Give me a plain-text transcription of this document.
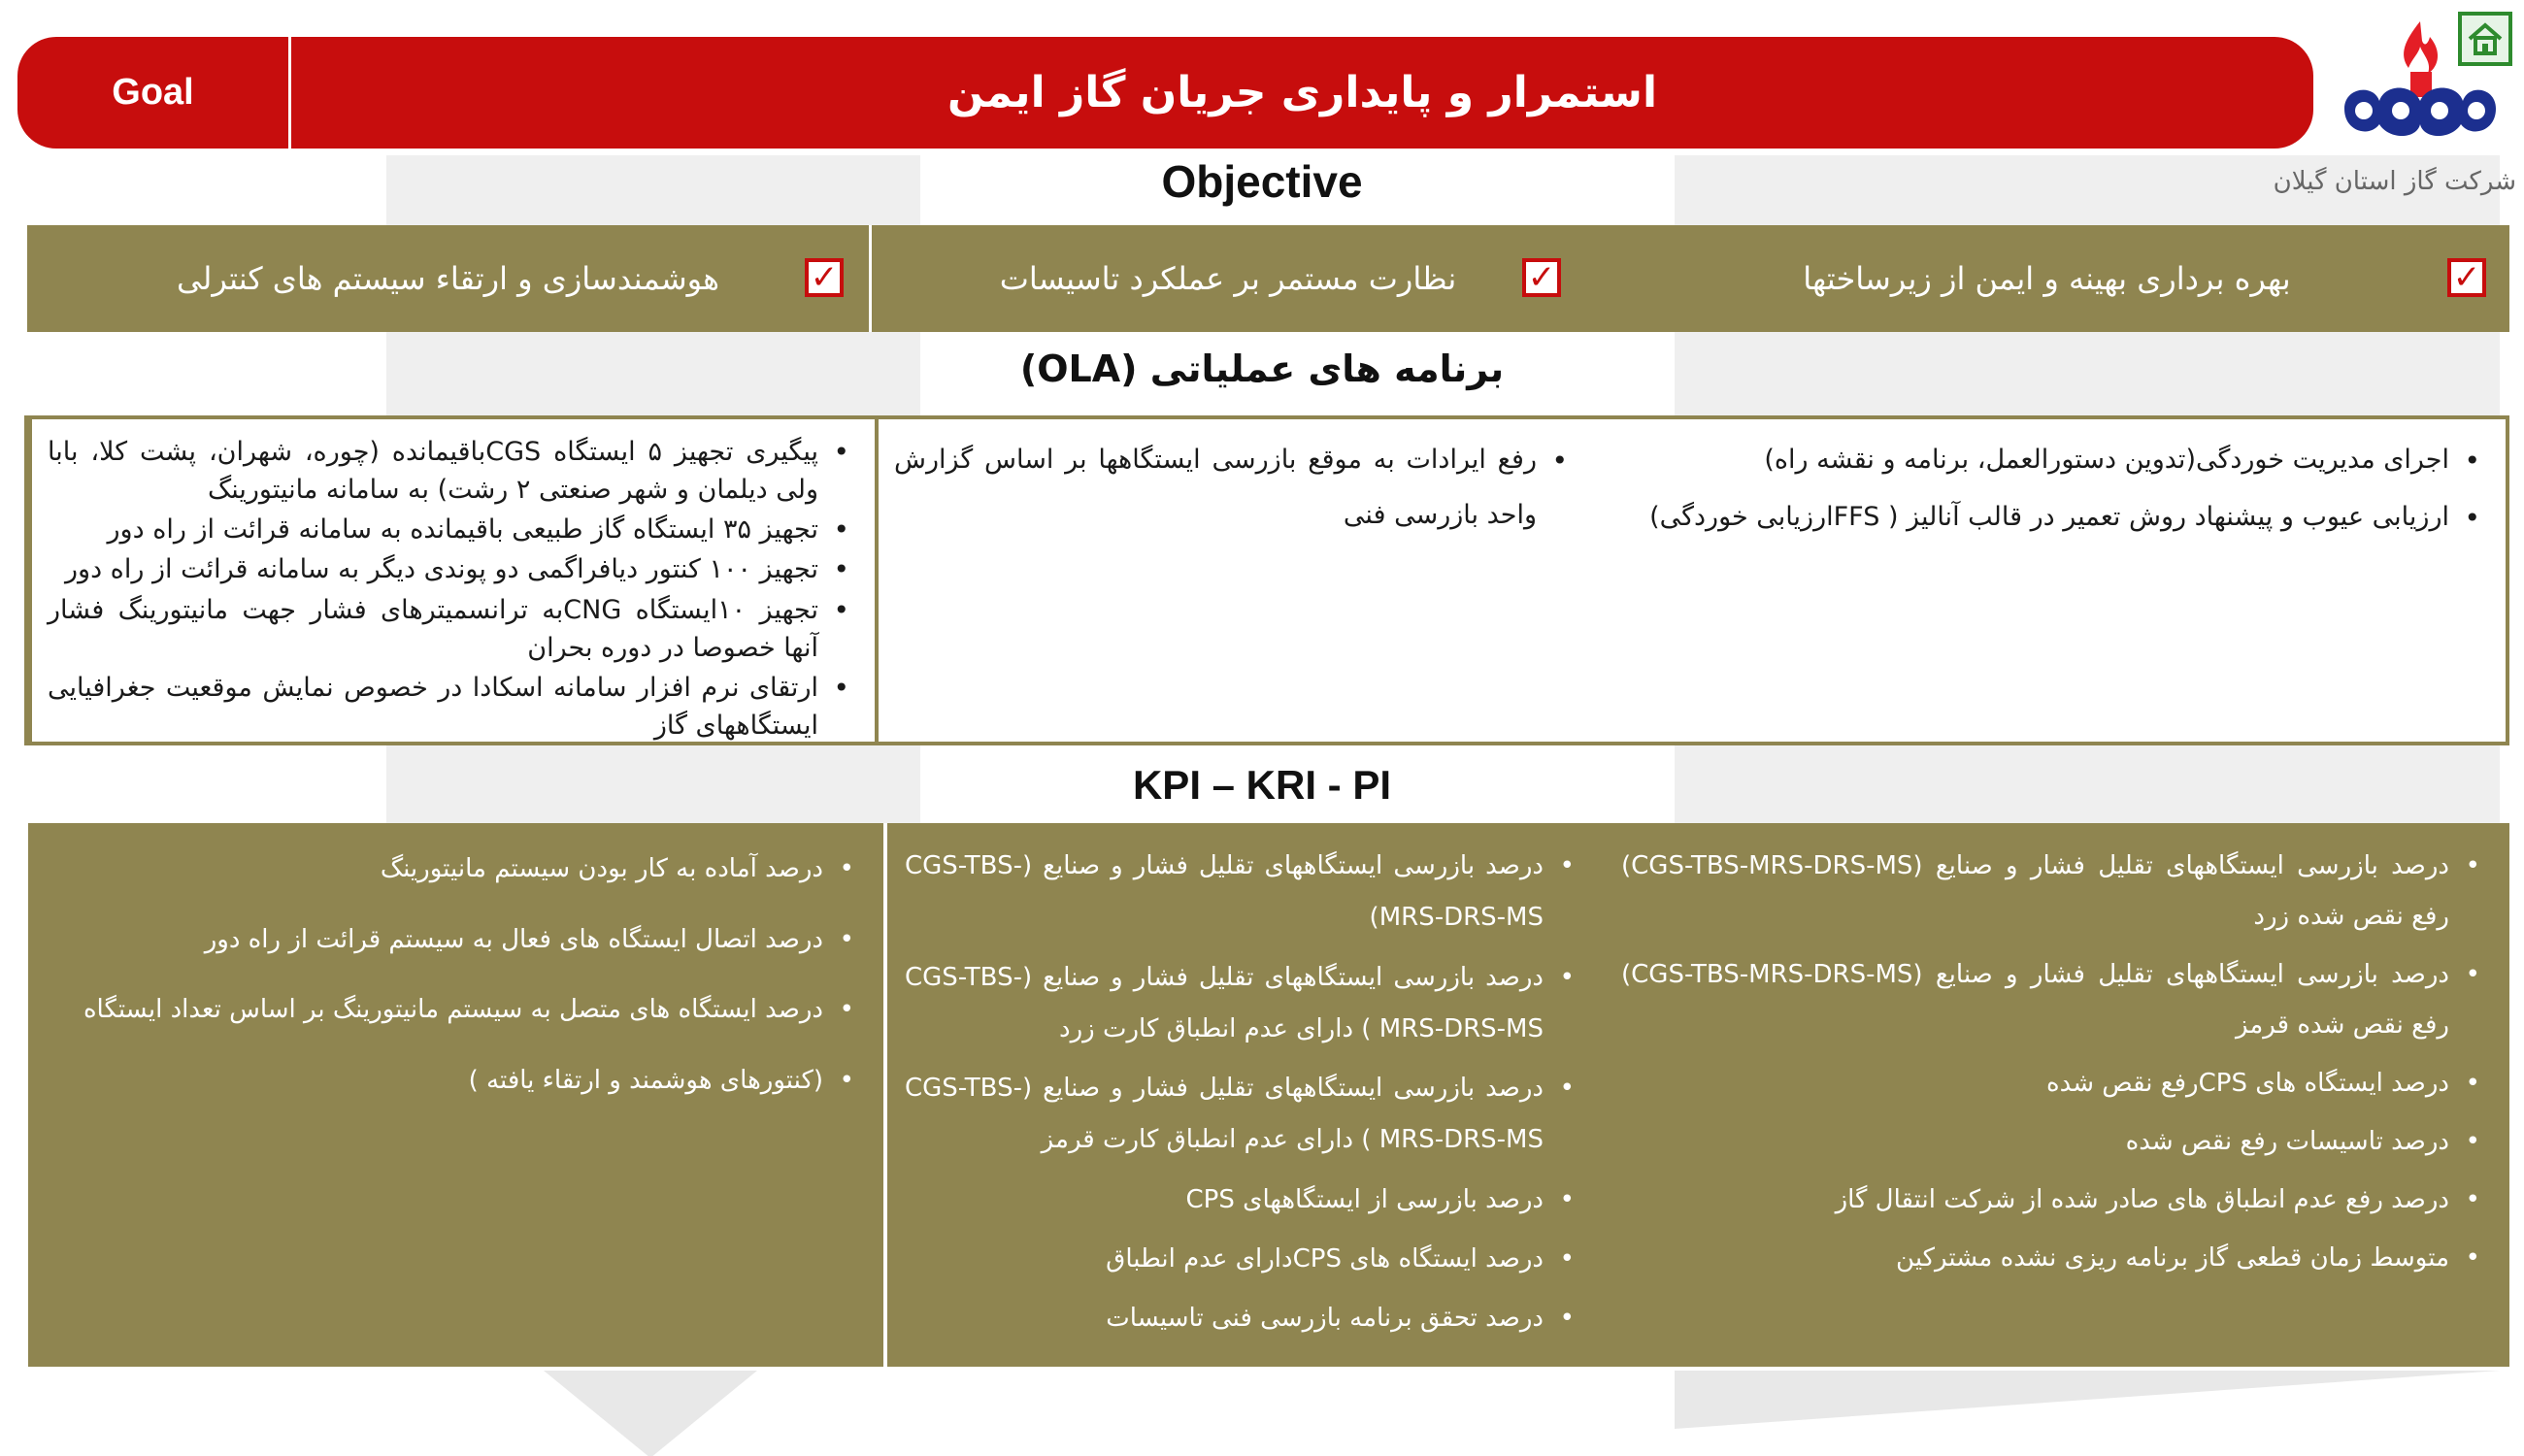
Goal	استمرار و پایداری جریان گاز ایمن
شرکت گاز استان گیلان
Objective
✓
هوشمندسازی و ارتقاء سیستم های کنترلی	✓
نظارت مستمر بر عملکرد تاسیسات	✓
بهره برداری بهینه و ایمن از زیرساختها
برنامه های عملیاتی (OLA)
• پیگیری تجهیز ۵ ایستگاه CGSباقیمانده (چوره، شهران، پشت کلا، بابا ولی دیلمان و شهر صنعتی ۲ رشت) به سامانه مانیتورینگ
• تجهیز ۳۵ ایستگاه گاز طبیعی باقیمانده به سامانه قرائت از راه دور
• تجهیز ۱۰۰ کنتور دیافراگمی دو پوندی دیگر به سامانه قرائت از راه دور
• تجهیز ۱۰ایستگاه CNGبه ترانسمیترهای فشار جهت مانیتورینگ فشار آنها خصوصا در دوره بحران
• ارتقای نرم افزار سامانه اسکادا در خصوص نمایش موقعیت جغرافیایی ایستگاههای گاز
• رفع ایرادات به موقع بازرسی ایستگاهها بر اساس گزارش واحد بازرسی فنی
• اجرای مدیریت خوردگی(تدوین دستورالعمل، برنامه و نقشه راه)
• ارزیابی عیوب و پیشنهاد روش تعمیر در قالب آنالیز ( FFSارزیابی خوردگی)
KPI – KRI - PI
• درصد آماده به کار بودن سیستم مانیتورینگ
• درصد اتصال ایستگاه های فعال به سیستم قرائت از راه دور
• درصد ایستگاه های متصل به سیستم مانیتورینگ بر اساس تعداد ایستگاه
• (کنتورهای هوشمند و ارتقاء یافته )
• درصد بازرسی ایستگاههای تقلیل فشار و صنایع (-CGS-TBS MRS-DRS-MS)
• درصد بازرسی ایستگاههای تقلیل فشار و صنایع (-CGS-TBS MRS-DRS-MS ) دارای عدم انطباق کارت زرد
• درصد بازرسی ایستگاههای تقلیل فشار و صنایع (-CGS-TBS MRS-DRS-MS ) دارای عدم انطباق کارت قرمز
• درصد بازرسی از ایستگاههای CPS
• درصد ایستگاه های CPSدارای عدم انطباق
• درصد تحقق برنامه بازرسی فنی تاسیسات
• درصد تاسیسات دارای عدم انطباق
• درصد بازرسی ایستگاههای تقلیل فشار و صنایع (CGS-TBS-MRS-DRS-MS) رفع نقص شده زرد
• درصد بازرسی ایستگاههای تقلیل فشار و صنایع (CGS-TBS-MRS-DRS-MS) رفع نقص شده قرمز
• درصد ایستگاه های CPSرفع نقص شده
• درصد تاسیسات رفع نقص شده
• درصد رفع عدم انطباق های صادر شده از شرکت انتقال گاز
• متوسط زمان قطعی گاز برنامه ریزی نشده مشترکین
